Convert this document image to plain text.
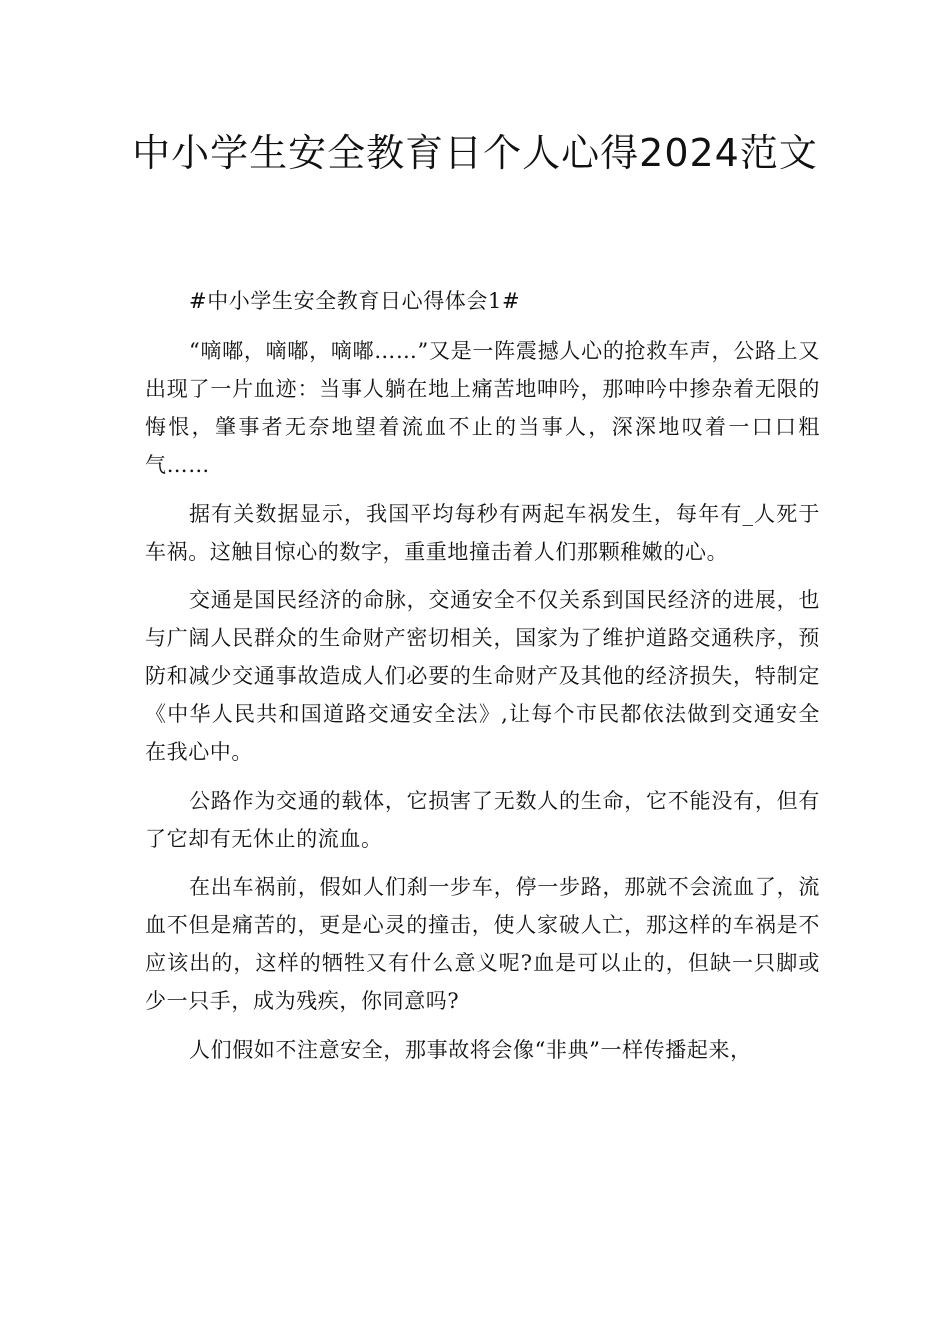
中小学生安全教育日个人心得2024范文

#中小学生安全教育日心得体会1#

“嘀嘟，嘀嘟，嘀嘟……”又是一阵震撼人心的抢救车声，公路上又出现了一片血迹：当事人躺在地上痛苦地呻吟，那呻吟中掺杂着无限的悔恨，肇事者无奈地望着流血不止的当事人，深深地叹着一口口粗气……

据有关数据显示，我国平均每秒有两起车祸发生，每年有_人死于车祸。这触目惊心的数字，重重地撞击着人们那颗稚嫩的心。

交通是国民经济的命脉，交通安全不仅关系到国民经济的进展，也与广阔人民群众的生命财产密切相关，国家为了维护道路交通秩序，预防和减少交通事故造成人们必要的生命财产及其他的经济损失，特制定《中华人民共和国道路交通安全法》,让每个市民都依法做到交通安全在我心中。

公路作为交通的载体，它损害了无数人的生命，它不能没有，但有了它却有无休止的流血。

在出车祸前，假如人们刹一步车，停一步路，那就不会流血了，流血不但是痛苦的，更是心灵的撞击，使人家破人亡，那这样的车祸是不应该出的，这样的牺牲又有什么意义呢?血是可以止的，但缺一只脚或少一只手，成为残疾，你同意吗?

人们假如不注意安全，那事故将会像“非典”一样传播起来，
